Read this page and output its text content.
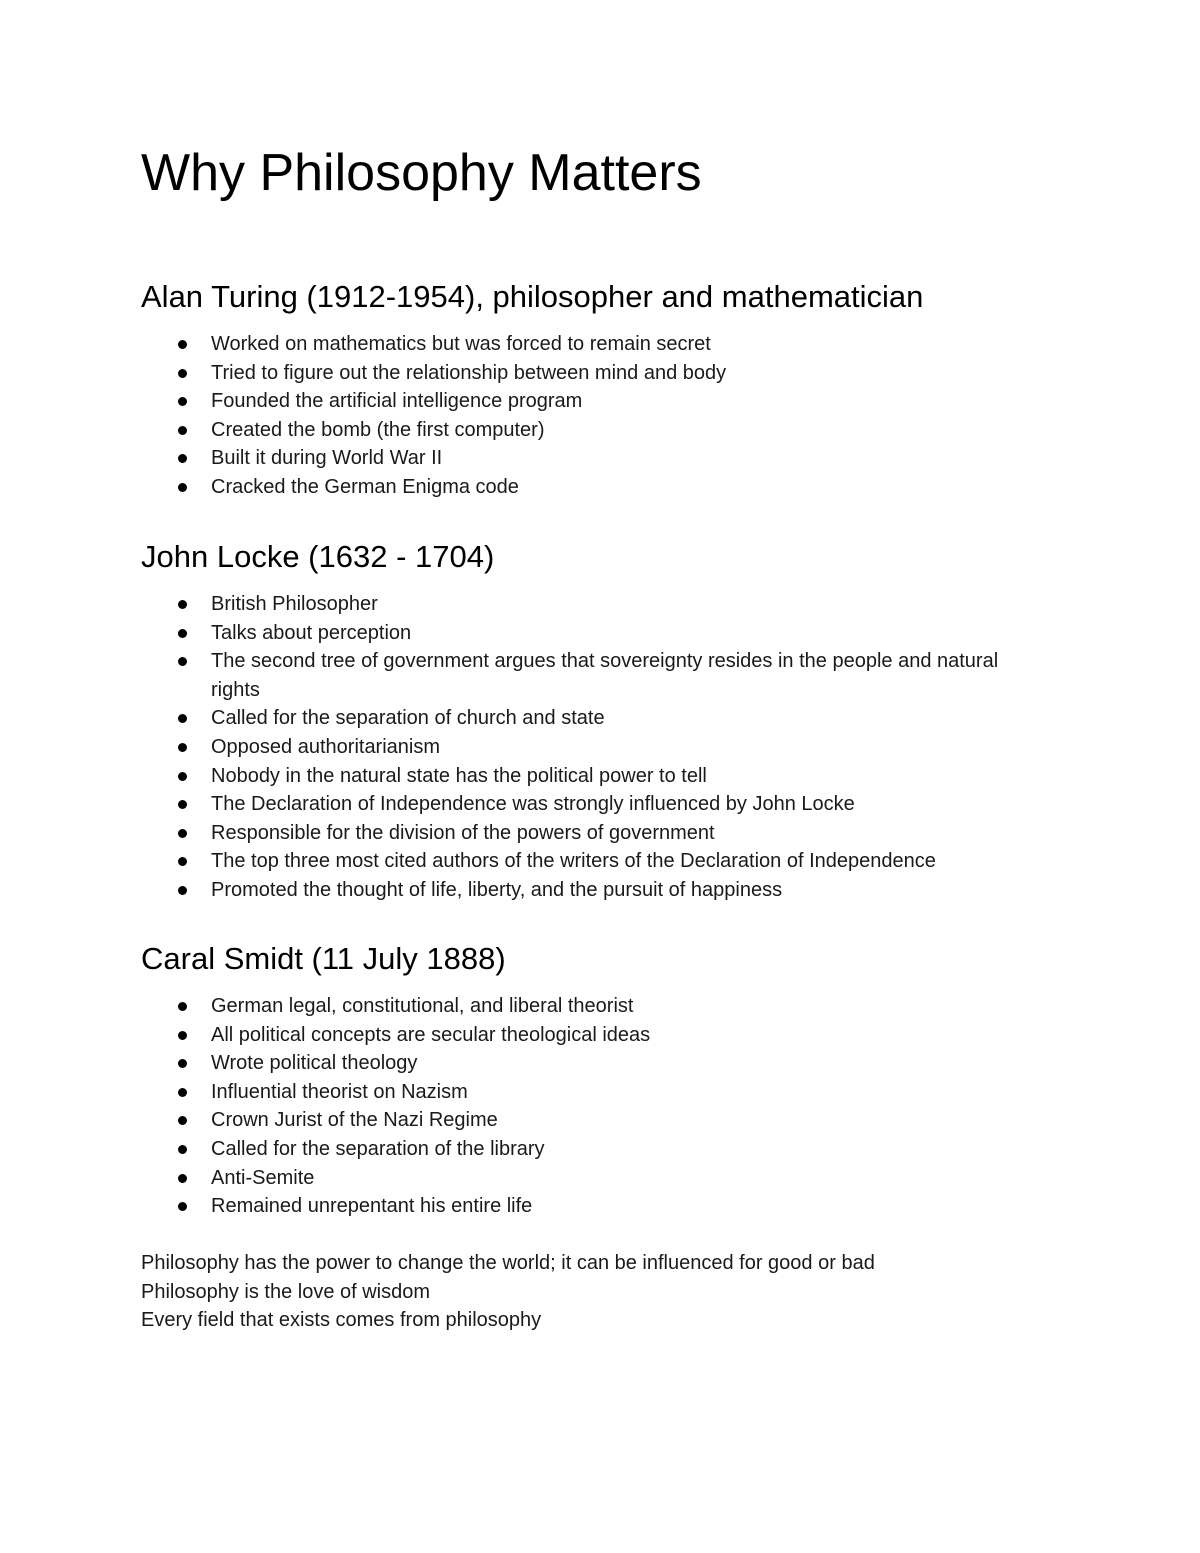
Why Philosophy Matters
Alan Turing (1912-1954), philosopher and mathematician
Worked on mathematics but was forced to remain secret
Tried to figure out the relationship between mind and body
Founded the artificial intelligence program
Created the bomb (the first computer)
Built it during World War II
Cracked the German Enigma code
John Locke (1632 - 1704)
British Philosopher
Talks about perception
The second tree of government argues that sovereignty resides in the people and natural rights
Called for the separation of church and state
Opposed authoritarianism
Nobody in the natural state has the political power to tell
The Declaration of Independence was strongly influenced by John Locke
Responsible for the division of the powers of government
The top three most cited authors of the writers of the Declaration of Independence
Promoted the thought of life, liberty, and the pursuit of happiness
Caral Smidt (11 July 1888)
German legal, constitutional, and liberal theorist
All political concepts are secular theological ideas
Wrote political theology
Influential theorist on Nazism
Crown Jurist of the Nazi Regime
Called for the separation of the library
Anti-Semite
Remained unrepentant his entire life

Philosophy has the power to change the world; it can be influenced for good or bad

Philosophy is the love of wisdom

Every field that exists comes from philosophy
